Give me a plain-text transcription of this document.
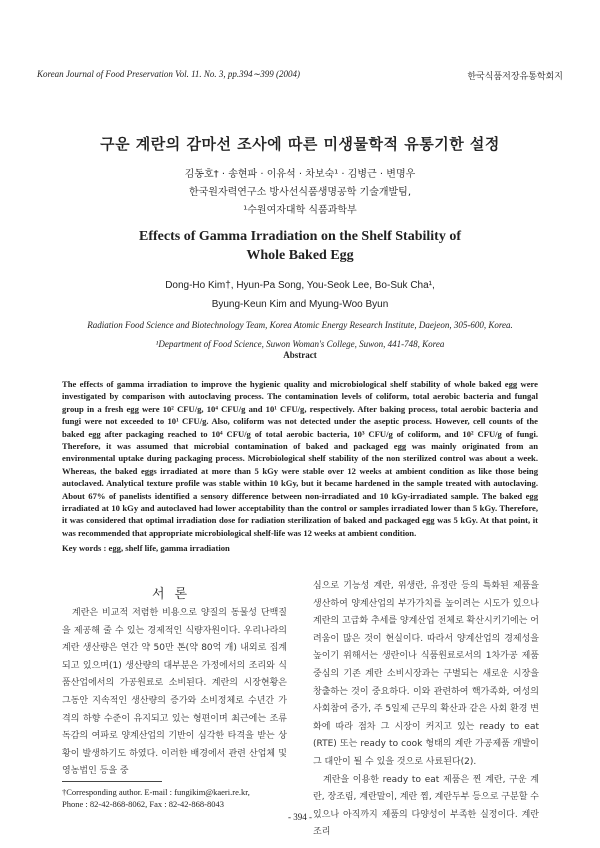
Korean Journal of Food Preservation Vol. 11. No. 3, pp.394∼399 (2004)	한국식품저장유통학회지
구운 계란의 감마선 조사에 따른 미생물학적 유통기한 설정
김동호† · 송현파 · 이유석 · 차보숙¹ · 김병근 · 변명우
한국원자력연구소 방사선식품생명공학 기술개발팀,
¹수원여자대학 식품과학부
Effects of Gamma Irradiation on the Shelf Stability of
Whole Baked Egg
Dong-Ho Kim†, Hyun-Pa Song, You-Seok Lee, Bo-Suk Cha¹,
Byung-Keun Kim and Myung-Woo Byun
Radiation Food Science and Biotechnology Team, Korea Atomic Energy Research Institute, Daejeon, 305-600, Korea.
¹Department of Food Science, Suwon Woman's College, Suwon, 441-748, Korea
Abstract
The effects of gamma irradiation to improve the hygienic quality and microbiological shelf stability of whole baked egg were investigated by comparison with autoclaving process. The contamination levels of coliform, total aerobic bacteria and fungal group in a fresh egg were 10² CFU/g, 10⁴ CFU/g and 10¹ CFU/g, respectively. After baking process, total aerobic bacteria and fungi were not exceeded to 10¹ CFU/g. Also, coliform was not detected under the aseptic process. However, cell counts of the baked egg after packaging reached to 10⁴ CFU/g of total aerobic bacteria, 10³ CFU/g of coliform, and 10² CFU/g of fungi. Therefore, it was assumed that microbial contamination of baked and packaged egg was mainly originated from an environmental uptake during packaging process. Microbiological shelf stability of the non sterilized control was about a week. Whereas, the baked eggs irradiated at more than 5 kGy were stable over 12 weeks at ambient condition as like those being autoclaved. Analytical texture profile was stable within 10 kGy, but it became hardened in the sample treated with autoclaving. About 67% of panelists identified a sensory difference between non-irradiated and 10 kGy-irradiated sample. The baked egg irradiated at 10 kGy and autoclaved had lower acceptability than the control or samples irradiated lower than 5 kGy. Therefore, it was considered that optimal irradiation dose for radiation sterilization of baked and packaged egg was 5 kGy. At that point, it was recommended that appropriate microbiological shelf-life was 12 weeks at ambient condition.
Key words : egg, shelf life, gamma irradiation
서론
계란은 비교적 저렴한 비용으로 양질의 동물성 단백질을 제공해 줄 수 있는 경제적인 식량자원이다. 우리나라의 계란 생산량은 연간 약 50만 톤(약 80억 개) 내외로 집계되고 있으며(1) 생산량의 대부분은 가정에서의 조리와 식품산업에서의 가공원료로 소비된다. 계란의 시장현황은 그동안 지속적인 생산량의 증가와 소비정체로 수년간 가격의 하향 수준이 유지되고 있는 형편이며 최근에는 조류독감의 여파로 양계산업의 기반이 심각한 타격을 받는 상황이 발생하기도 하였다. 이러한 배경에서 관련 산업체 및 영농법인 등을 중

심으로 기능성 계란, 위생란, 유정란 등의 특화된 제품을 생산하여 양계산업의 부가가치를 높이려는 시도가 있으나 계란의 고급화 추세를 양계산업 전체로 확산시키기에는 어려움이 많은 것이 현실이다. 따라서 양계산업의 경제성을 높이기 위해서는 생란이나 식품원료로서의 1차가공 제품 중심의 기존 계란 소비시장과는 구별되는 새로운 시장을 창출하는 것이 중요하다. 이와 관련하여 핵가족화, 여성의 사회참여 증가, 주 5일제 근무의 확산과 같은 사회 환경 변화에 따라 점차 그 시장이 커지고 있는 ready to eat (RTE) 또는 ready to cook 형태의 계란 가공제품 개발이 그 대안이 될 수 있을 것으로 사료된다(2).

계란을 이용한 ready to eat 제품은 찐 계란, 구운 계란, 장조림, 계란말이, 계란 찜, 계란두부 등으로 구분할 수 있으나 아직까지 제품의 다양성이 부족한 실정이다. 계란 조리

†Corresponding author. E-mail : fungikim@kaeri.re.kr,
Phone : 82-42-868-8062, Fax : 82-42-868-8043
- 394 -
